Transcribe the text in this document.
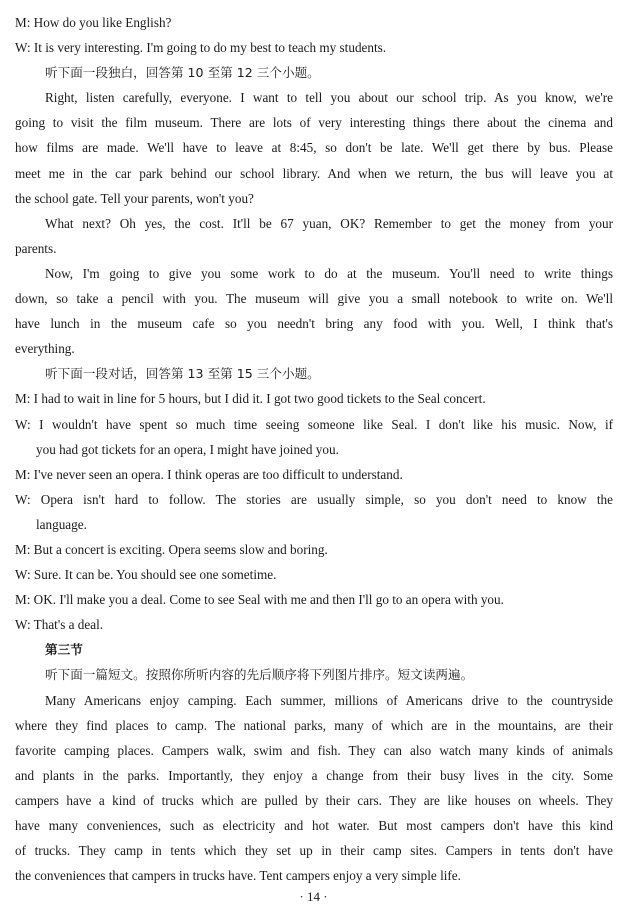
M: How do you like English?
W: It is very interesting. I'm going to do my best to teach my students.
听下面一段独白，回答第 10 至第 12 三个小题。
Right, listen carefully, everyone. I want to tell you about our school trip. As you know, we're
going to visit the film museum. There are lots of very interesting things there about the cinema and
how films are made. We'll have to leave at 8:45, so don't be late. We'll get there by bus. Please
meet me in the car park behind our school library. And when we return, the bus will leave you at
the school gate. Tell your parents, won't you?
What next? Oh yes, the cost. It'll be 67 yuan, OK? Remember to get the money from your
parents.
Now, I'm going to give you some work to do at the museum. You'll need to write things
down, so take a pencil with you. The museum will give you a small notebook to write on. We'll
have lunch in the museum cafe so you needn't bring any food with you. Well, I think that's
everything.
听下面一段对话，回答第 13 至第 15 三个小题。
M: I had to wait in line for 5 hours, but I did it. I got two good tickets to the Seal concert.
W: I wouldn't have spent so much time seeing someone like Seal. I don't like his music. Now, if
you had got tickets for an opera, I might have joined you.
M: I've never seen an opera. I think operas are too difficult to understand.
W: Opera isn't hard to follow. The stories are usually simple, so you don't need to know the
language.
M: But a concert is exciting. Opera seems slow and boring.
W: Sure. It can be. You should see one sometime.
M: OK. I'll make you a deal. Come to see Seal with me and then I'll go to an opera with you.
W: That's a deal.
第三节
听下面一篇短文。按照你所听内容的先后顺序将下列图片排序。短文读两遍。
Many Americans enjoy camping. Each summer, millions of Americans drive to the countryside
where they find places to camp. The national parks, many of which are in the mountains, are their
favorite camping places. Campers walk, swim and fish. They can also watch many kinds of animals
and plants in the parks. Importantly, they enjoy a change from their busy lives in the city. Some
campers have a kind of trucks which are pulled by their cars. They are like houses on wheels. They
have many conveniences, such as electricity and hot water. But most campers don't have this kind
of trucks. They camp in tents which they set up in their camp sites. Campers in tents don't have
the conveniences that campers in trucks have. Tent campers enjoy a very simple life.
· 14 ·
